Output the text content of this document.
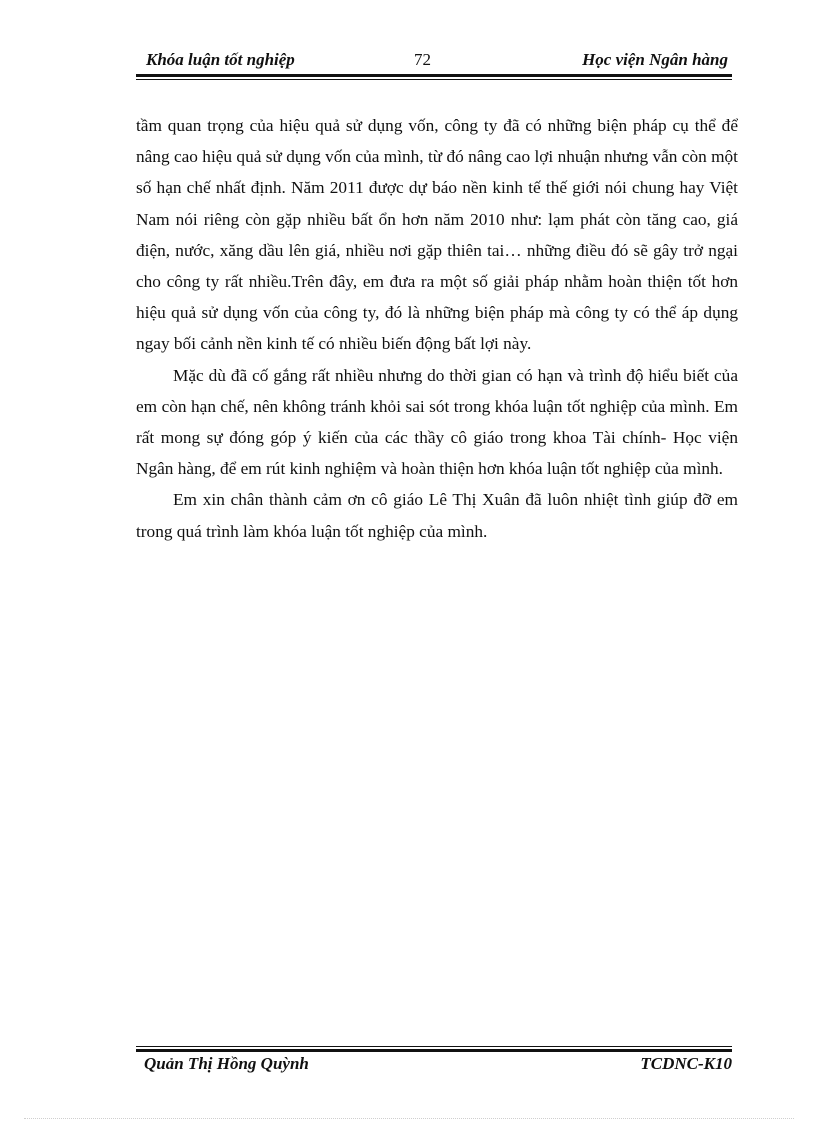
Khóa luận tốt nghiệp	72	Học viện Ngân hàng

tầm quan trọng của hiệu quả sử dụng vốn, công ty đã có những biện pháp cụ thể để nâng cao hiệu quả sử dụng vốn của mình, từ đó nâng cao lợi nhuận nhưng vẫn còn một số hạn chế nhất định. Năm 2011 được dự báo nền kinh tế thế giới nói chung hay Việt Nam nói riêng còn gặp nhiều bất ổn hơn năm 2010 như: lạm phát còn tăng cao, giá điện, nước, xăng dầu lên giá, nhiều nơi gặp thiên tai… những điều đó sẽ gây trở ngại cho công ty rất nhiều.Trên đây, em đưa ra một số giải pháp nhằm hoàn thiện tốt hơn hiệu quả sử dụng vốn của công ty, đó là những biện pháp mà công ty có thể áp dụng ngay bối cảnh nền kinh tế có nhiều biến động bất lợi này.

Mặc dù đã cố gắng rất nhiều nhưng do thời gian có hạn và trình độ hiểu biết của em còn hạn chế, nên không tránh khỏi sai sót trong khóa luận tốt nghiệp của mình. Em rất mong sự đóng góp ý kiến của các thầy cô giáo trong khoa Tài chính- Học viện Ngân hàng, để em rút kinh nghiệm và hoàn thiện hơn khóa luận tốt nghiệp của mình.

Em xin chân thành cảm ơn cô giáo Lê Thị Xuân đã luôn nhiệt tình giúp đỡ em trong quá trình làm khóa luận tốt nghiệp của mình.

Quản Thị Hồng Quỳnh	TCDNC-K10
